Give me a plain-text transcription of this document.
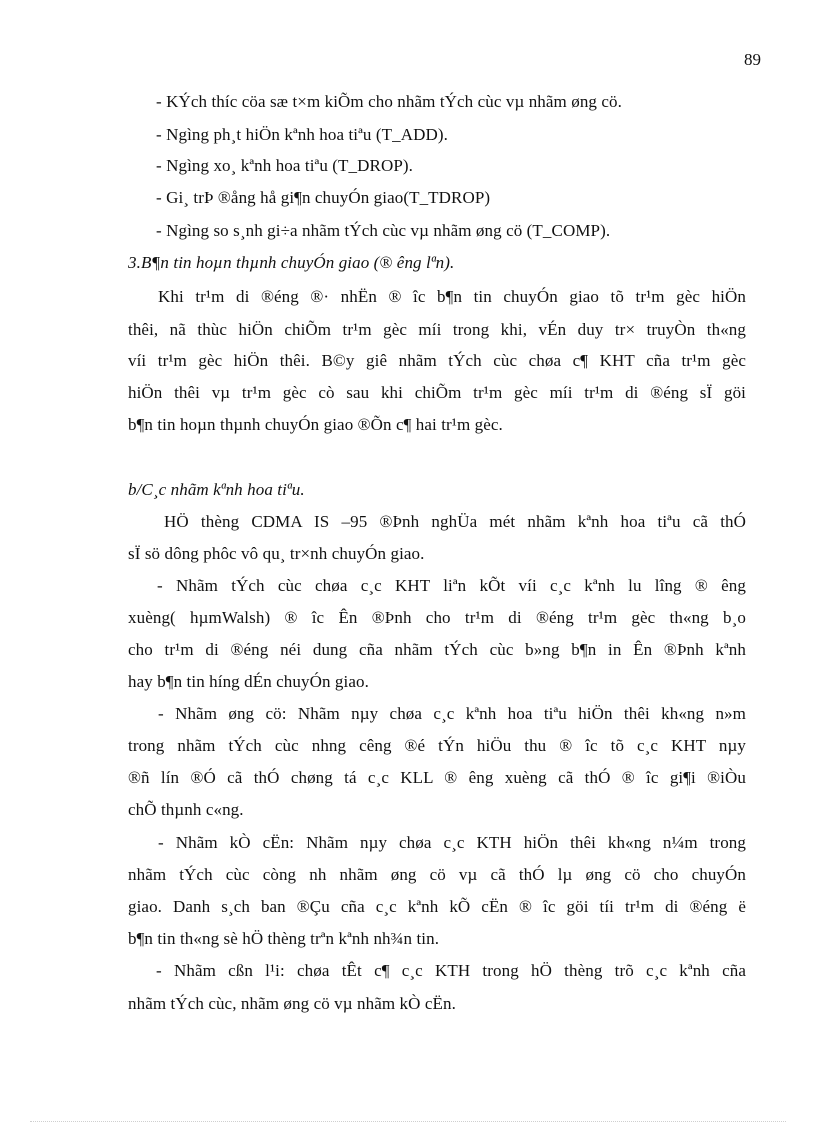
89
- KÝch thíc cöa sæ t×m kiÕm cho nhãm tÝch cùc vµ nhãm øng cö.
- Ngìng ph¸t hiÖn kªnh hoa tiªu (T_ADD).
- Ngìng xo¸ kªnh hoa tiªu (T_DROP).
- Gi¸ trÞ ®ång hå gi¶n chuyÓn giao(T_TDROP)
- Ngìng so s¸nh gi÷a nhãm tÝch cùc vµ nhãm øng cö (T_COMP).
3.B¶n tin hoµn thµnh chuyÓn giao (® êng lªn).
Khi tr¹m di ®éng ®· nhËn ® îc b¶n tin chuyÓn giao tõ tr¹m gèc hiÖn
thêi, nã thùc hiÖn chiÕm tr¹m gèc míi trong khi, vÉn duy tr× truyÒn th«ng
víi tr¹m gèc hiÖn thêi. B©y giê nhãm tÝch cùc chøa c¶ KHT cña tr¹m gèc
hiÖn thêi vµ tr¹m gèc cò sau khi chiÕm tr¹m gèc míi tr¹m di ®éng sÏ göi
b¶n tin hoµn thµnh chuyÓn giao ®Õn c¶ hai tr¹m gèc.
b/C¸c nhãm kªnh hoa tiªu.
HÖ thèng CDMA IS –95 ®Þnh nghÜa mét nhãm kªnh hoa tiªu cã thÓ
sÏ sö dông phôc vô qu¸ tr×nh chuyÓn giao.
- Nhãm tÝch cùc chøa c¸c KHT liªn kÕt víi c¸c kªnh lu lîng ® êng
xuèng( hµmWalsh) ® îc Ên ®Þnh cho tr¹m di ®éng tr¹m gèc th«ng b¸o
cho tr¹m di ®éng néi dung cña nhãm tÝch cùc b»ng b¶n in Ên ®Þnh kªnh
hay b¶n tin híng dÉn chuyÓn giao.
- Nhãm øng cö: Nhãm nµy chøa c¸c kªnh hoa tiªu hiÖn thêi kh«ng n»m
trong nhãm tÝch cùc nhng cêng ®é tÝn hiÖu thu ® îc tõ c¸c KHT nµy
®ñ lín ®Ó cã thÓ chøng tá c¸c KLL ® êng xuèng cã thÓ ® îc gi¶i ®iÒu
chÕ thµnh c«ng.
- Nhãm kÒ cËn: Nhãm nµy chøa c¸c KTH hiÖn thêi kh«ng n¼m trong
nhãm tÝch cùc còng nh nhãm øng cö vµ cã thÓ lµ øng cö cho chuyÓn
giao. Danh s¸ch ban ®Çu cña c¸c kªnh kÕ cËn ® îc göi tíi tr¹m di ®éng ë
b¶n tin th«ng sè hÖ thèng trªn kªnh nh¾n tin.
- Nhãm cßn l¹i: chøa tÊt c¶ c¸c KTH trong hÖ thèng trõ c¸c kªnh cña
nhãm tÝch cùc, nhãm øng cö vµ nhãm kÒ cËn.
